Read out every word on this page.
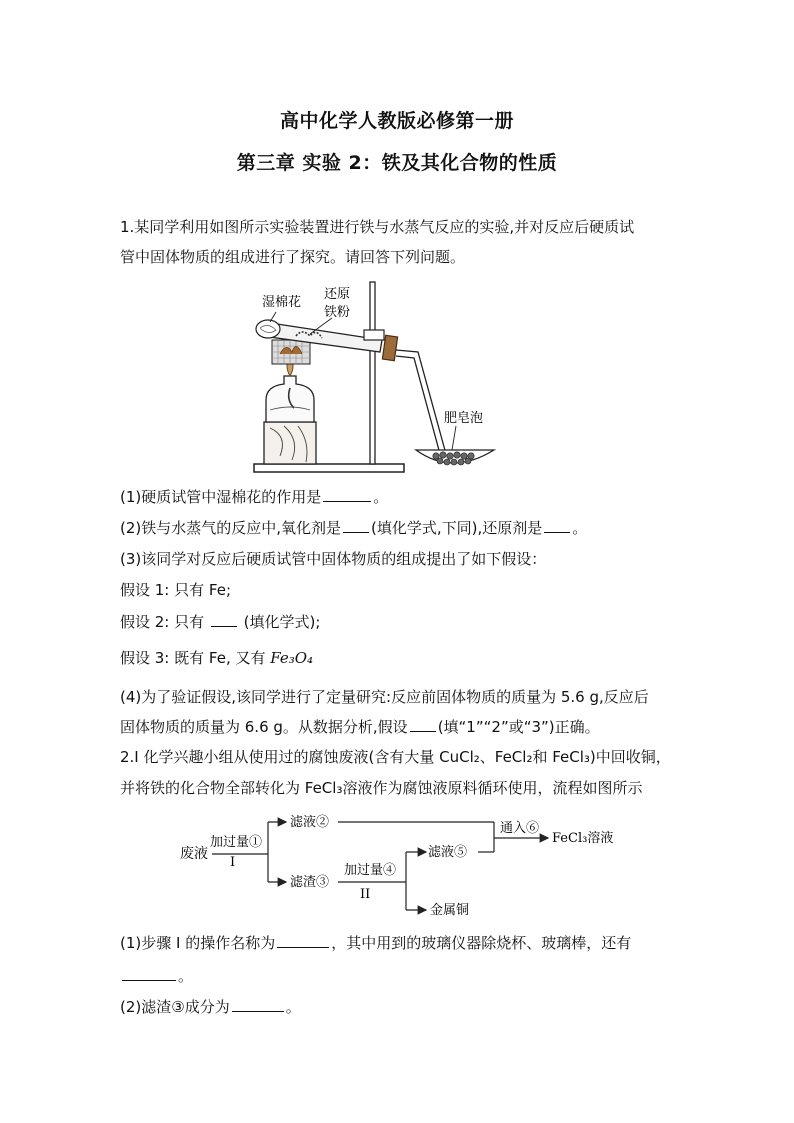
高中化学人教版必修第一册
第三章 实验 2：铁及其化合物的性质
1.某同学利用如图所示实验装置进行铁与水蒸气反应的实验,并对反应后硬质试
管中固体物质的组成进行了探究。请回答下列问题。
湿棉花
还原
铁粉
肥皂泡
(1)硬质试管中湿棉花的作用是	。
(2)铁与水蒸气的反应中,氧化剂是 (填化学式,下同),还原剂是 。
(3)该同学对反应后硬质试管中固体物质的组成提出了如下假设：
假设 1: 只有 Fe;
假设 2: 只有  (填化学式);
假设 3: 既有 Fe, 又有 Fe₃O₄
(4)为了验证假设,该同学进行了定量研究:反应前固体物质的质量为 5.6 g,反应后
固体物质的质量为 6.6 g。从数据分析,假设 (填“1”“2”或“3”)正确。
2.I 化学兴趣小组从使用过的腐蚀废液(含有大量 CuCl₂、FeCl₂和 FeCl₃)中回收铜，
并将铁的化合物全部转化为 FeCl₃溶液作为腐蚀液原料循环使用，流程如图所示
废液
加过量①
I
滤液②
滤渣③
加过量④
II
滤液⑤
通入⑥
FeCl₃溶液
金属铜
(1)步骤 I 的操作名称为	，其中用到的玻璃仪器除烧杯、玻璃棒，还有
。
(2)滤渣③成分为	。
